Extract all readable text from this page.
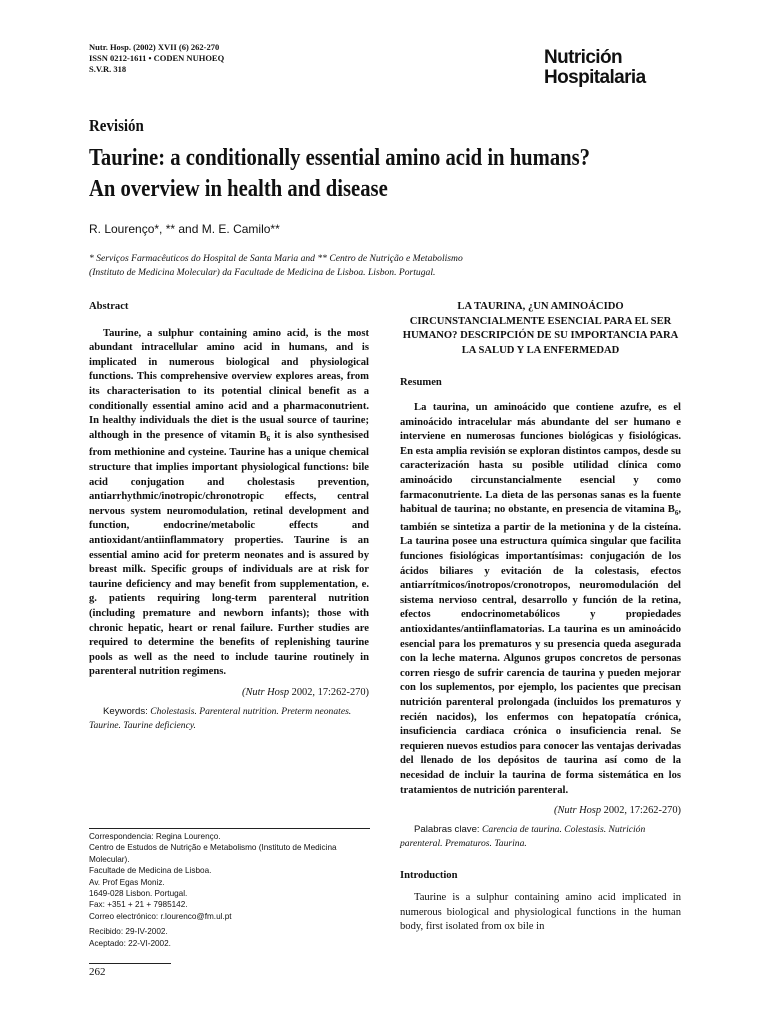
Nutr. Hosp. (2002) XVII (6) 262-270
ISSN 0212-1611 • CODEN NUHOEQ
S.V.R. 318
Nutrición
Hospitalaria
Revisión
Taurine: a conditionally essential amino acid in humans?
An overview in health and disease
R. Lourenço*, ** and M. E. Camilo**
* Serviços Farmacêuticos do Hospital de Santa Maria and ** Centro de Nutrição e Metabolismo
(Instituto de Medicina Molecular) da Facultade de Medicina de Lisboa. Lisbon. Portugal.
Abstract

Taurine, a sulphur containing amino acid, is the most abundant intracellular amino acid in humans, and is implicated in numerous biological and physiological functions. This comprehensive overview explores areas, from its characterisation to its potential clinical benefit as a conditionally essential amino acid and a pharmaconutrient. In healthy individuals the diet is the usual source of taurine; although in the presence of vitamin $B_6$ it is also synthesised from methionine and cysteine. Taurine has a unique chemical structure that implies important physiological functions: bile acid conjugation and cholestasis prevention, antiarrhythmic/inotropic/chronotropic effects, central nervous system neuromodulation, retinal development and function, endocrine/metabolic effects and antioxidant/antiinflammatory properties. Taurine is an essential amino acid for preterm neonates and is assured by breast milk. Specific groups of individuals are at risk for taurine deficiency and may benefit from supplementation, e. g. patients requiring long-term parenteral nutrition (including premature and newborn infants); those with chronic hepatic, heart or renal failure. Further studies are required to determine the benefits of replenishing taurine pools as well as the need to include taurine routinely in parenteral nutrition regimens.

(Nutr Hosp 2002, 17:262-270)
Keywords: Cholestasis. Parenteral nutrition. Preterm neonates. Taurine. Taurine deficiency.
Correspondencia: Regina Lourenço.
Centro de Estudos de Nutrição e Metabolismo (Instituto de Medicina Molecular).
Facultade de Medicina de Lisboa.
Av. Prof Egas Moniz.
1649-028 Lisbon. Portugal.
Fax: +351 + 21 + 7985142.
Correo electrónico: r.lourenco@fm.ul.pt
Recibido: 29-IV-2002.
Aceptado: 22-VI-2002.
262
LA TAURINA, ¿UN AMINOÁCIDO CIRCUNSTANCIALMENTE ESENCIAL PARA EL SER HUMANO? DESCRIPCIÓN DE SU IMPORTANCIA PARA LA SALUD Y LA ENFERMEDAD
Resumen

La taurina, un aminoácido que contiene azufre, es el aminoácido intracelular más abundante del ser humano e interviene en numerosas funciones biológicas y fisiológicas. En esta amplia revisión se exploran distintos campos, desde su caracterización hasta su posible utilidad clínica como aminoácido circunstancialmente esencial y como farmaconutriente. La dieta de las personas sanas es la fuente habitual de taurina; no obstante, en presencia de vitamina $B_6$, también se sintetiza a partir de la metionina y de la cisteína. La taurina posee una estructura química singular que facilita funciones fisiológicas importantísimas: conjugación de los ácidos biliares y evitación de la colestasis, efectos antiarrítmicos/inotropos/cronotropos, neuromodulación del sistema nervioso central, desarrollo y función de la retina, efectos endocrinometabólicos y propiedades antioxidantes/antiinflamatorias. La taurina es un aminoácido esencial para los prematuros y su presencia queda asegurada con la leche materna. Algunos grupos concretos de personas corren riesgo de sufrir carencia de taurina y pueden mejorar con los suplementos, por ejemplo, los pacientes que precisan nutrición parenteral prolongada (incluidos los prematuros y recién nacidos), los enfermos con hepatopatía crónica, insuficiencia cardiaca crónica o insuficiencia renal. Se requieren nuevos estudios para conocer las ventajas derivadas del llenado de los depósitos de taurina así como de la necesidad de incluir la taurina de forma sistemática en los tratamientos de nutrición parenteral.

(Nutr Hosp 2002, 17:262-270)
Palabras clave: Carencia de taurina. Colestasis. Nutrición parenteral. Prematuros. Taurina.
Introduction

Taurine is a sulphur containing amino acid implicated in numerous biological and physiological functions in the human body, first isolated from ox bile in
